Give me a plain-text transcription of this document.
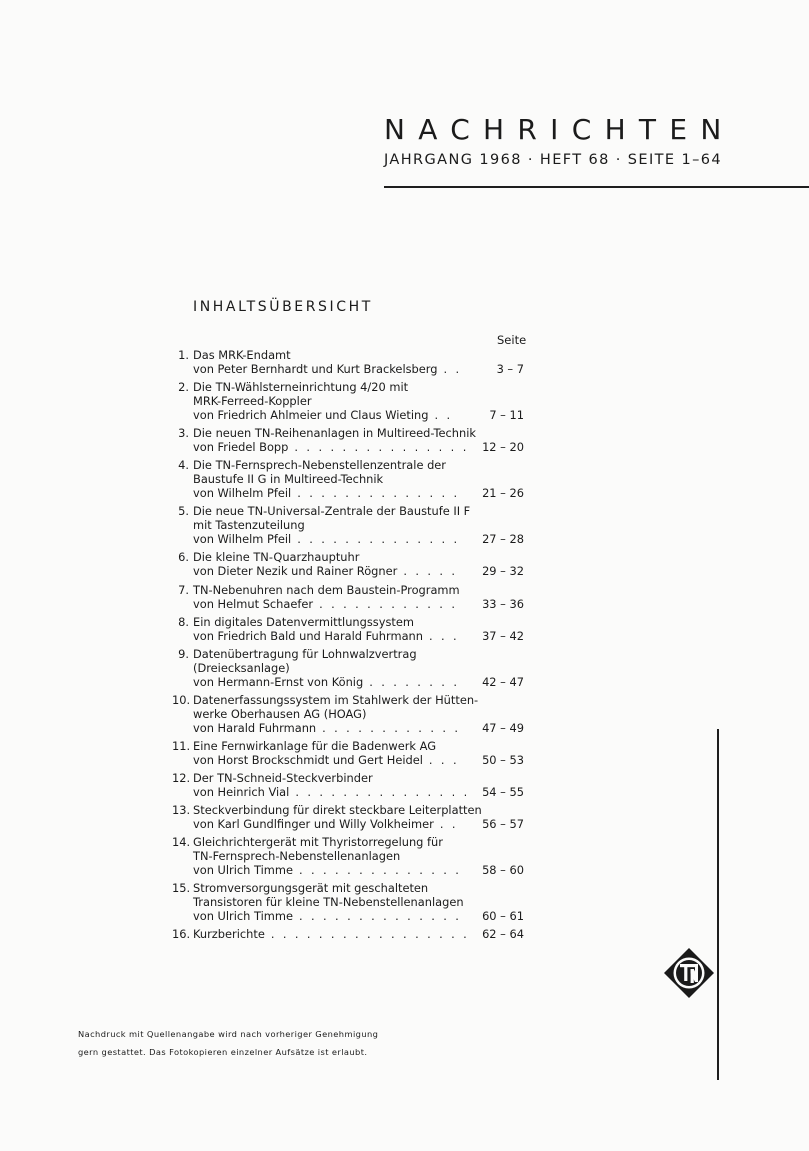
NACHRICHTEN
JAHRGANG 1968 · HEFT 68 · SEITE 1–64
INHALTSÜBERSICHT
Seite
1. Das MRK-Endamt
von Peter Bernhardt und Kurt Brackelsberg ..	3 – 7
2. Die TN-Wählsterneinrichtung 4/20 mit
MRK-Ferreed-Koppler
von Friedrich Ahlmeier und Claus Wieting ..	7 – 11
3. Die neuen TN-Reihenanlagen in Multireed-Technik
von Friedel Bopp ............... 12 – 20
4. Die TN-Fernsprech-Nebenstellenzentrale der
Baustufe II G in Multireed-Technik
von Wilhelm Pfeil ..............	21 – 26
5. Die neue TN-Universal-Zentrale der Baustufe II F
mit Tastenzuteilung
von Wilhelm Pfeil ..............	27 – 28
6. Die kleine TN-Quarzhauptuhr
von Dieter Nezik und Rainer Rögner .....	29 – 32
7. TN-Nebenuhren nach dem Baustein-Programm
von Helmut Schaefer ............	33 – 36
8. Ein digitales Datenvermittlungssystem
von Friedrich Bald und Harald Fuhrmann ...	37 – 42
9. Datenübertragung für Lohnwalzvertrag
(Dreiecksanlage)
von Hermann-Ernst von König ........	42 – 47
10. Datenerfassungssystem im Stahlwerk der Hütten-
werke Oberhausen AG (HOAG)
von Harald Fuhrmann ............	47 – 49
11. Eine Fernwirkanlage für die Badenwerk AG
von Horst Brockschmidt und Gert Heidel ...	50 – 53
12. Der TN-Schneid-Steckverbinder
von Heinrich Vial ............... 54 – 55
13. Steckverbindung für direkt steckbare Leiterplatten
von Karl Gundlfinger und Willy Volkheimer ..	56 – 57
14. Gleichrichtergerät mit Thyristorregelung für
TN-Fernsprech-Nebenstellenanlagen
von Ulrich Timme ..............	58 – 60
15. Stromversorgungsgerät mit geschalteten
Transistoren für kleine TN-Nebenstellenanlagen
von Ulrich Timme ..............	60 – 61
16. Kurzberichte ................. 62 – 64
Nachdruck mit Quellenangabe wird nach vorheriger Genehmigung
gern gestattet. Das Fotokopieren einzelner Aufsätze ist erlaubt.
